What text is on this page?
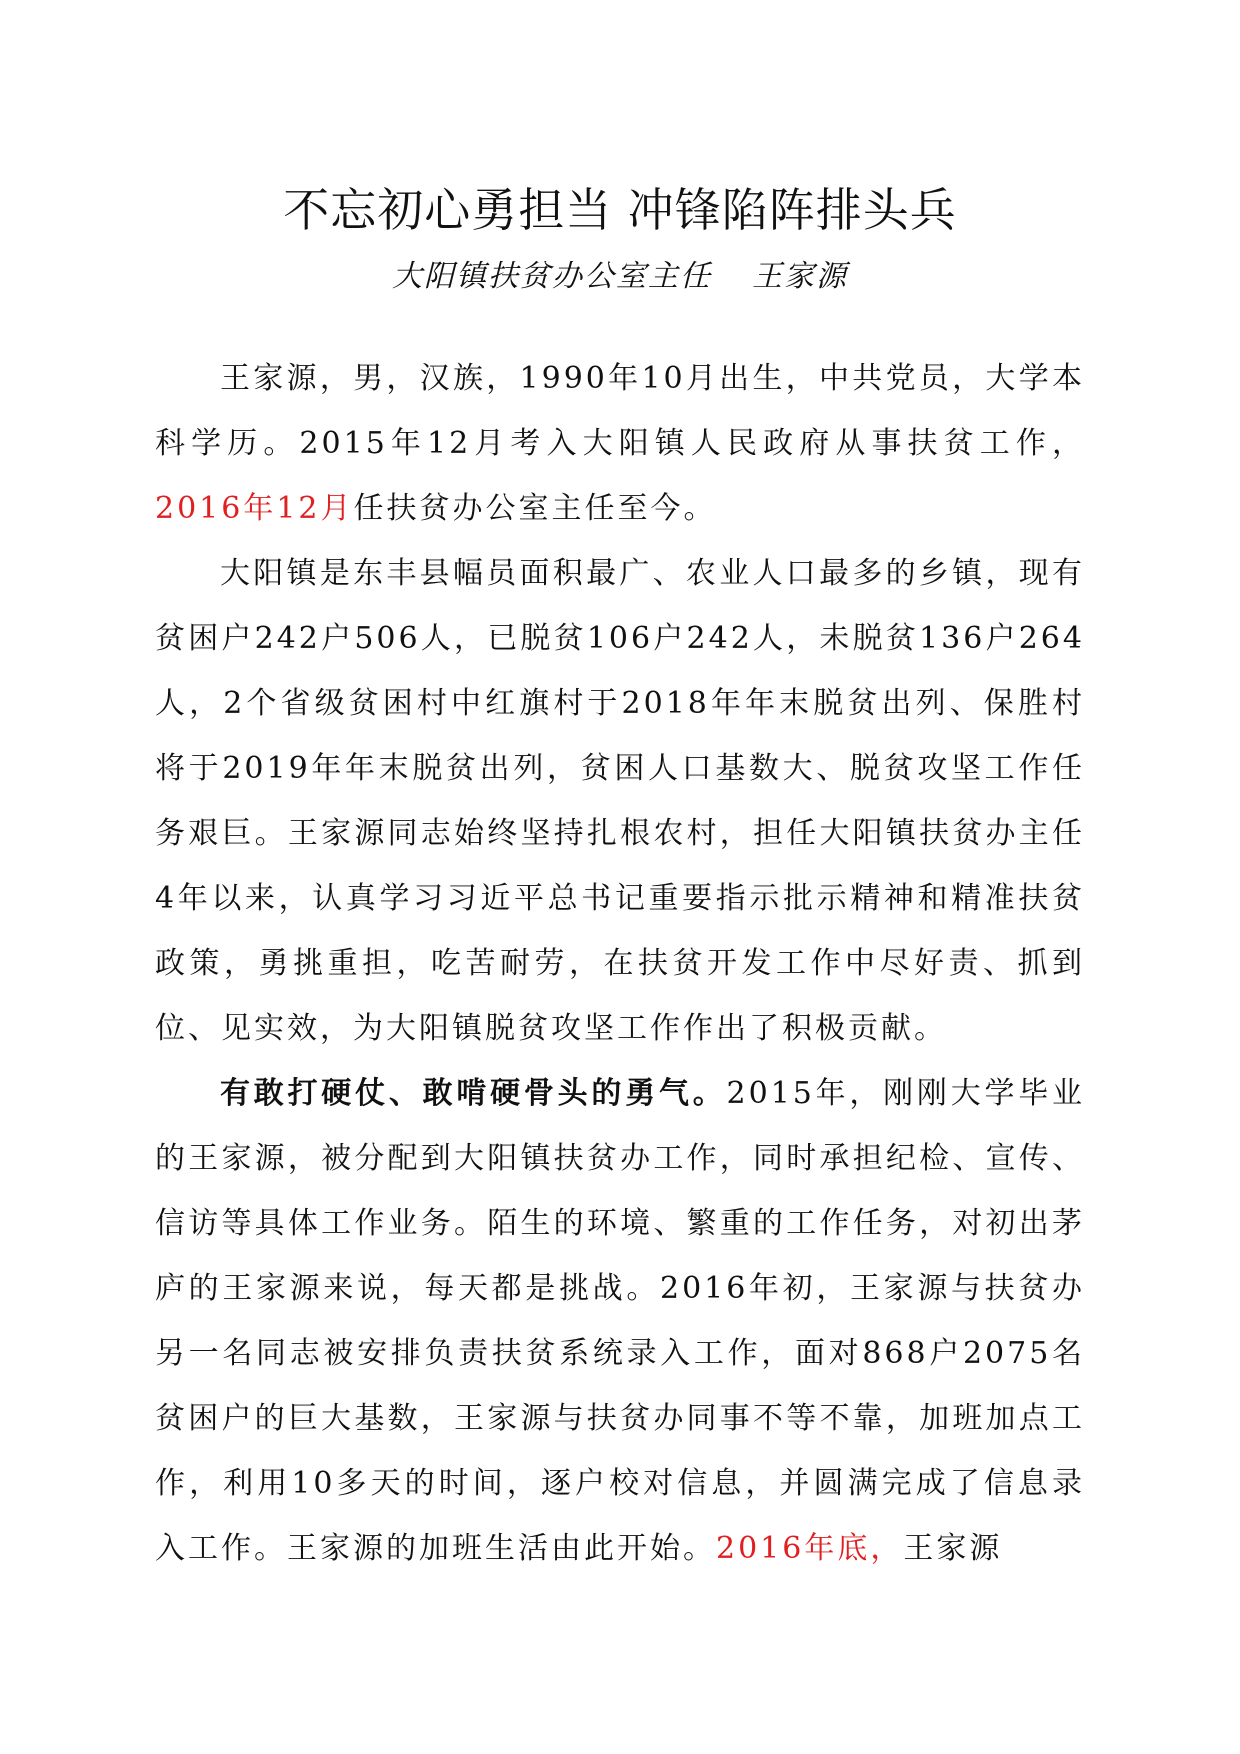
不忘初心勇担当 冲锋陷阵排头兵
大阳镇扶贫办公室主任 王家源

王家源，男，汉族，1990年10月出生，中共党员，大学本科学历。2015年12月考入大阳镇人民政府从事扶贫工作，2016年12月任扶贫办公室主任至今。

大阳镇是东丰县幅员面积最广、农业人口最多的乡镇，现有贫困户242户506人，已脱贫106户242人，未脱贫136户264人，2个省级贫困村中红旗村于2018年年末脱贫出列、保胜村将于2019年年末脱贫出列，贫困人口基数大、脱贫攻坚工作任务艰巨。王家源同志始终坚持扎根农村，担任大阳镇扶贫办主任4年以来，认真学习习近平总书记重要指示批示精神和精准扶贫政策，勇挑重担，吃苦耐劳，在扶贫开发工作中尽好责、抓到位、见实效，为大阳镇脱贫攻坚工作作出了积极贡献。

有敢打硬仗、敢啃硬骨头的勇气。2015年，刚刚大学毕业的王家源，被分配到大阳镇扶贫办工作，同时承担纪检、宣传、信访等具体工作业务。陌生的环境、繁重的工作任务，对初出茅庐的王家源来说，每天都是挑战。2016年初，王家源与扶贫办另一名同志被安排负责扶贫系统录入工作，面对868户2075名贫困户的巨大基数，王家源与扶贫办同事不等不靠，加班加点工作，利用10多天的时间，逐户校对信息，并圆满完成了信息录入工作。王家源的加班生活由此开始。2016年底，王家源
